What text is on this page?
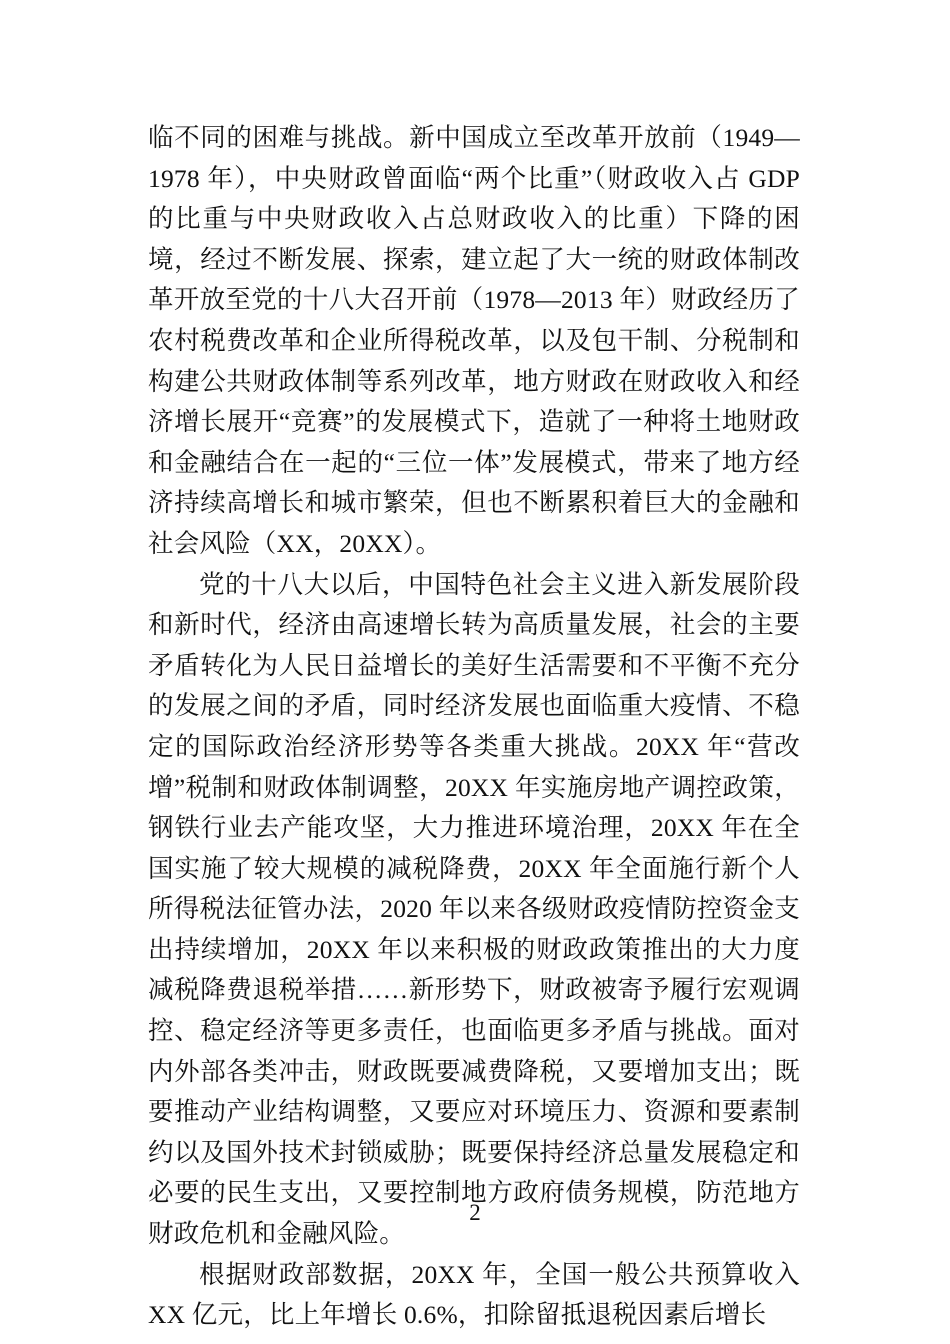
临不同的困难与挑战。新中国成立至改革开放前（1949—1978 年），中央财政曾面临“两个比重”（财政收入占 GDP 的比重与中央财政收入占总财政收入的比重）下降的困境，经过不断发展、探索，建立起了大一统的财政体制改革开放至党的十八大召开前（1978—2013 年）财政经历了农村税费改革和企业所得税改革，以及包干制、分税制和构建公共财政体制等系列改革，地方财政在财政收入和经济增长展开“竞赛”的发展模式下，造就了一种将土地财政和金融结合在一起的“三位一体”发展模式，带来了地方经济持续高增长和城市繁荣，但也不断累积着巨大的金融和社会风险（XX，20XX）。

党的十八大以后，中国特色社会主义进入新发展阶段和新时代，经济由高速增长转为高质量发展，社会的主要矛盾转化为人民日益增长的美好生活需要和不平衡不充分的发展之间的矛盾，同时经济发展也面临重大疫情、不稳定的国际政治经济形势等各类重大挑战。20XX 年“营改增”税制和财政体制调整，20XX 年实施房地产调控政策，钢铁行业去产能攻坚，大力推进环境治理，20XX 年在全国实施了较大规模的减税降费，20XX 年全面施行新个人所得税法征管办法，2020 年以来各级财政疫情防控资金支出持续增加，20XX 年以来积极的财政政策推出的大力度减税降费退税举措……新形势下，财政被寄予履行宏观调控、稳定经济等更多责任，也面临更多矛盾与挑战。面对内外部各类冲击，财政既要减费降税，又要增加支出；既要推动产业结构调整，又要应对环境压力、资源和要素制约以及国外技术封锁威胁；既要保持经济总量发展稳定和必要的民生支出，又要控制地方政府债务规模，防范地方财政危机和金融风险。

根据财政部数据，20XX 年，全国一般公共预算收入 XX 亿元，比上年增长 0.6%，扣除留抵退税因素后增长

2
